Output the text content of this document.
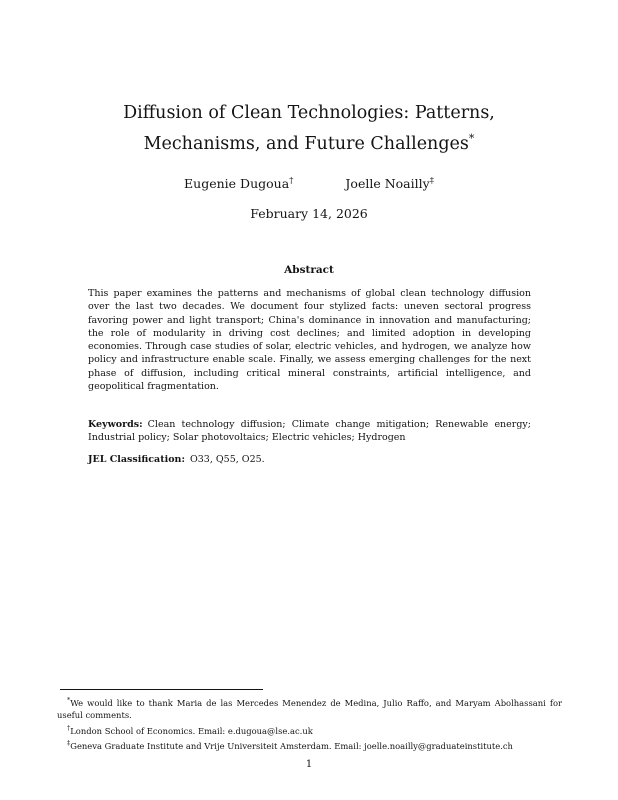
Diffusion of Clean Technologies: Patterns,
Mechanisms, and Future Challenges*
Eugenie Dugoua†	Joelle Noailly‡
February 14, 2026
Abstract
This paper examines the patterns and mechanisms of global clean technology diffusion over the last two decades. We document four stylized facts: uneven sectoral progress favoring power and light transport; China's dominance in innovation and manufacturing; the role of modularity in driving cost declines; and limited adoption in developing economies. Through case studies of solar, electric vehicles, and hydrogen, we analyze how policy and infrastructure enable scale. Finally, we assess emerging challenges for the next phase of diffusion, including critical mineral constraints, artificial intelligence, and geopolitical fragmentation.
Keywords: Clean technology diffusion; Climate change mitigation; Renewable energy; Industrial policy; Solar photovoltaics; Electric vehicles; Hydrogen
JEL Classification: O33, Q55, O25.

*We would like to thank Maria de las Mercedes Menendez de Medina, Julio Raffo, and Maryam Abolhassani for useful comments.

†London School of Economics. Email: e.dugoua@lse.ac.uk

‡Geneva Graduate Institute and Vrije Universiteit Amsterdam. Email: joelle.noailly@graduateinstitute.ch

1
